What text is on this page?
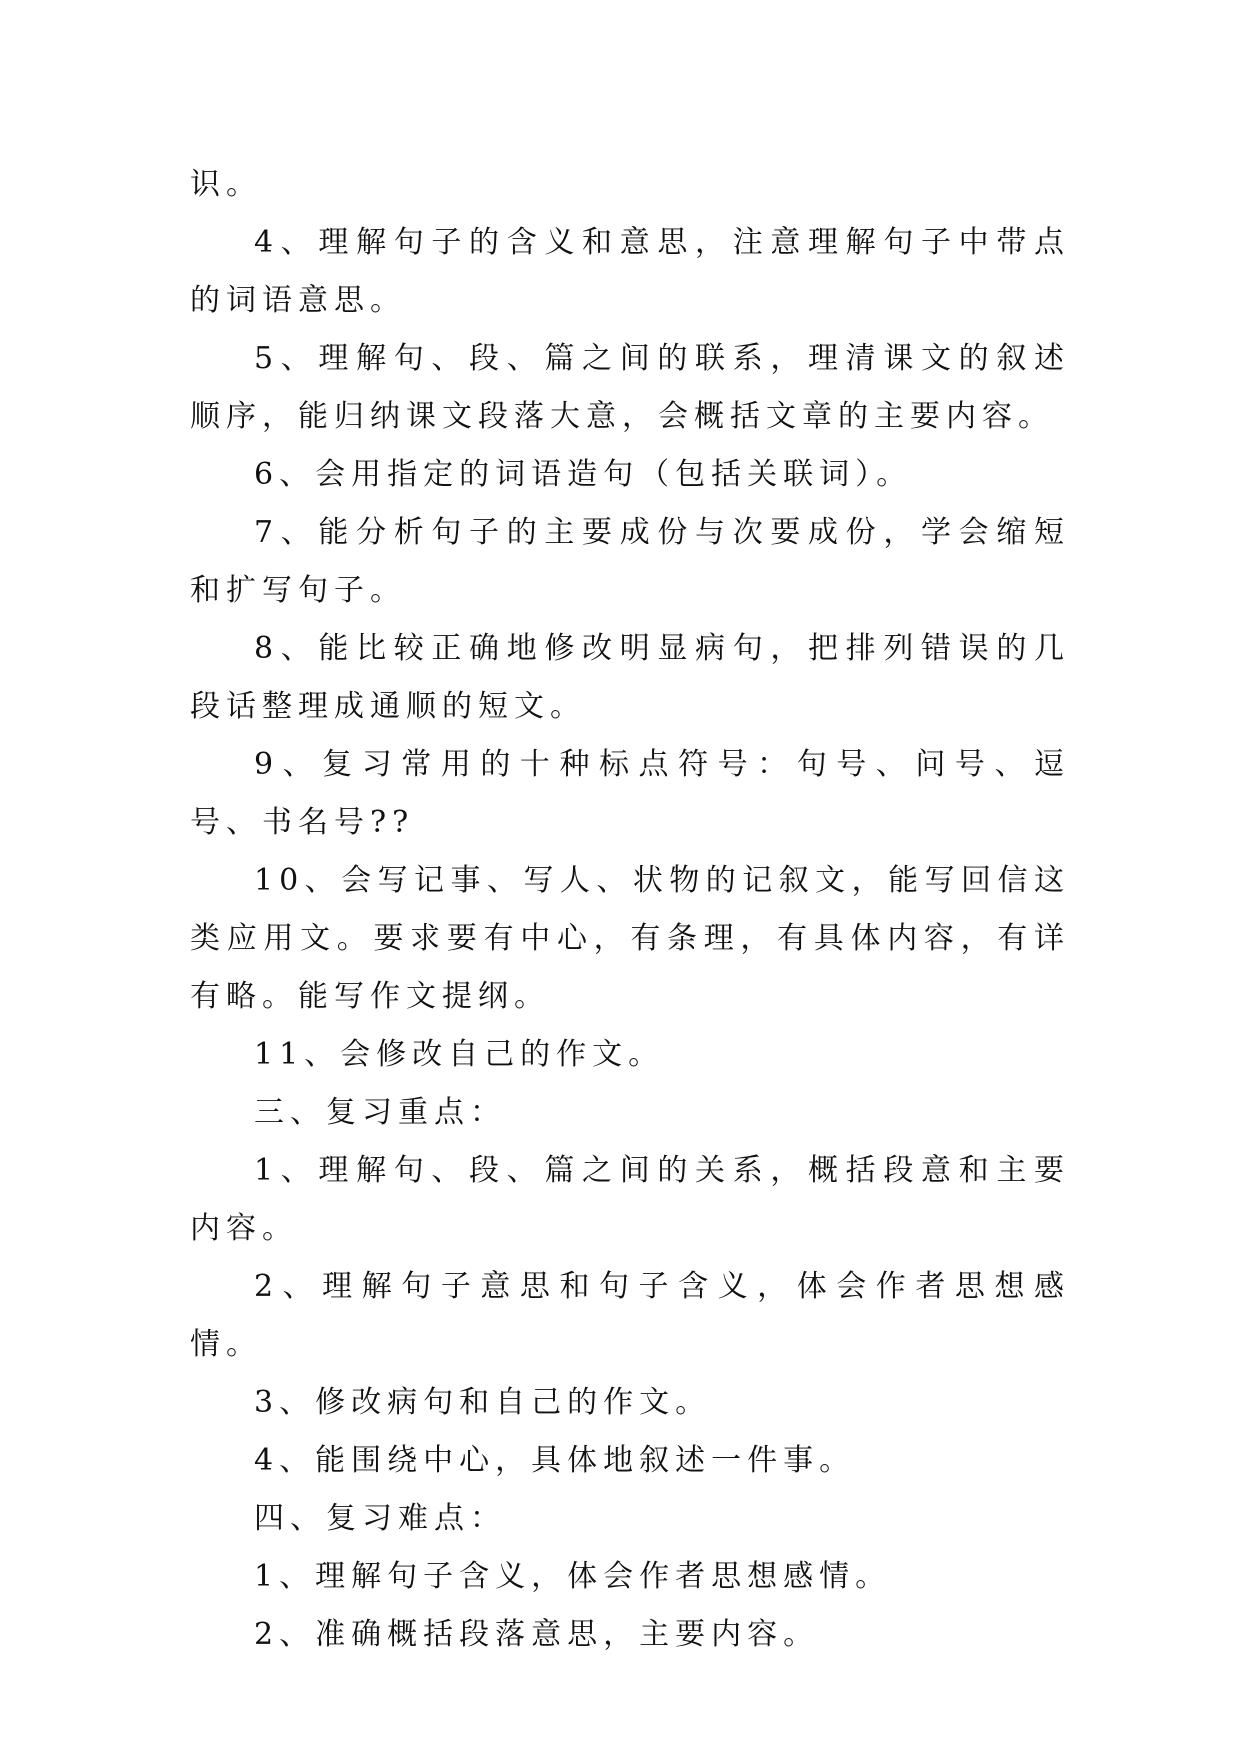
识。

4、理解句子的含义和意思，注意理解句子中带点的词语意思。

5、理解句、段、篇之间的联系，理清课文的叙述顺序，能归纳课文段落大意，会概括文章的主要内容。

6、会用指定的词语造句（包括关联词）。

7、能分析句子的主要成份与次要成份，学会缩短和扩写句子。

8、能比较正确地修改明显病句，把排列错误的几段话整理成通顺的短文。

9、复习常用的十种标点符号：句号、问号、逗号、书名号??

10、会写记事、写人、状物的记叙文，能写回信这类应用文。要求要有中心，有条理，有具体内容，有详有略。能写作文提纲。

11、会修改自己的作文。

三、复习重点：

1、理解句、段、篇之间的关系，概括段意和主要内容。

2、理解句子意思和句子含义，体会作者思想感情。

3、修改病句和自己的作文。

4、能围绕中心，具体地叙述一件事。

四、复习难点：

1、理解句子含义，体会作者思想感情。

2、准确概括段落意思，主要内容。
